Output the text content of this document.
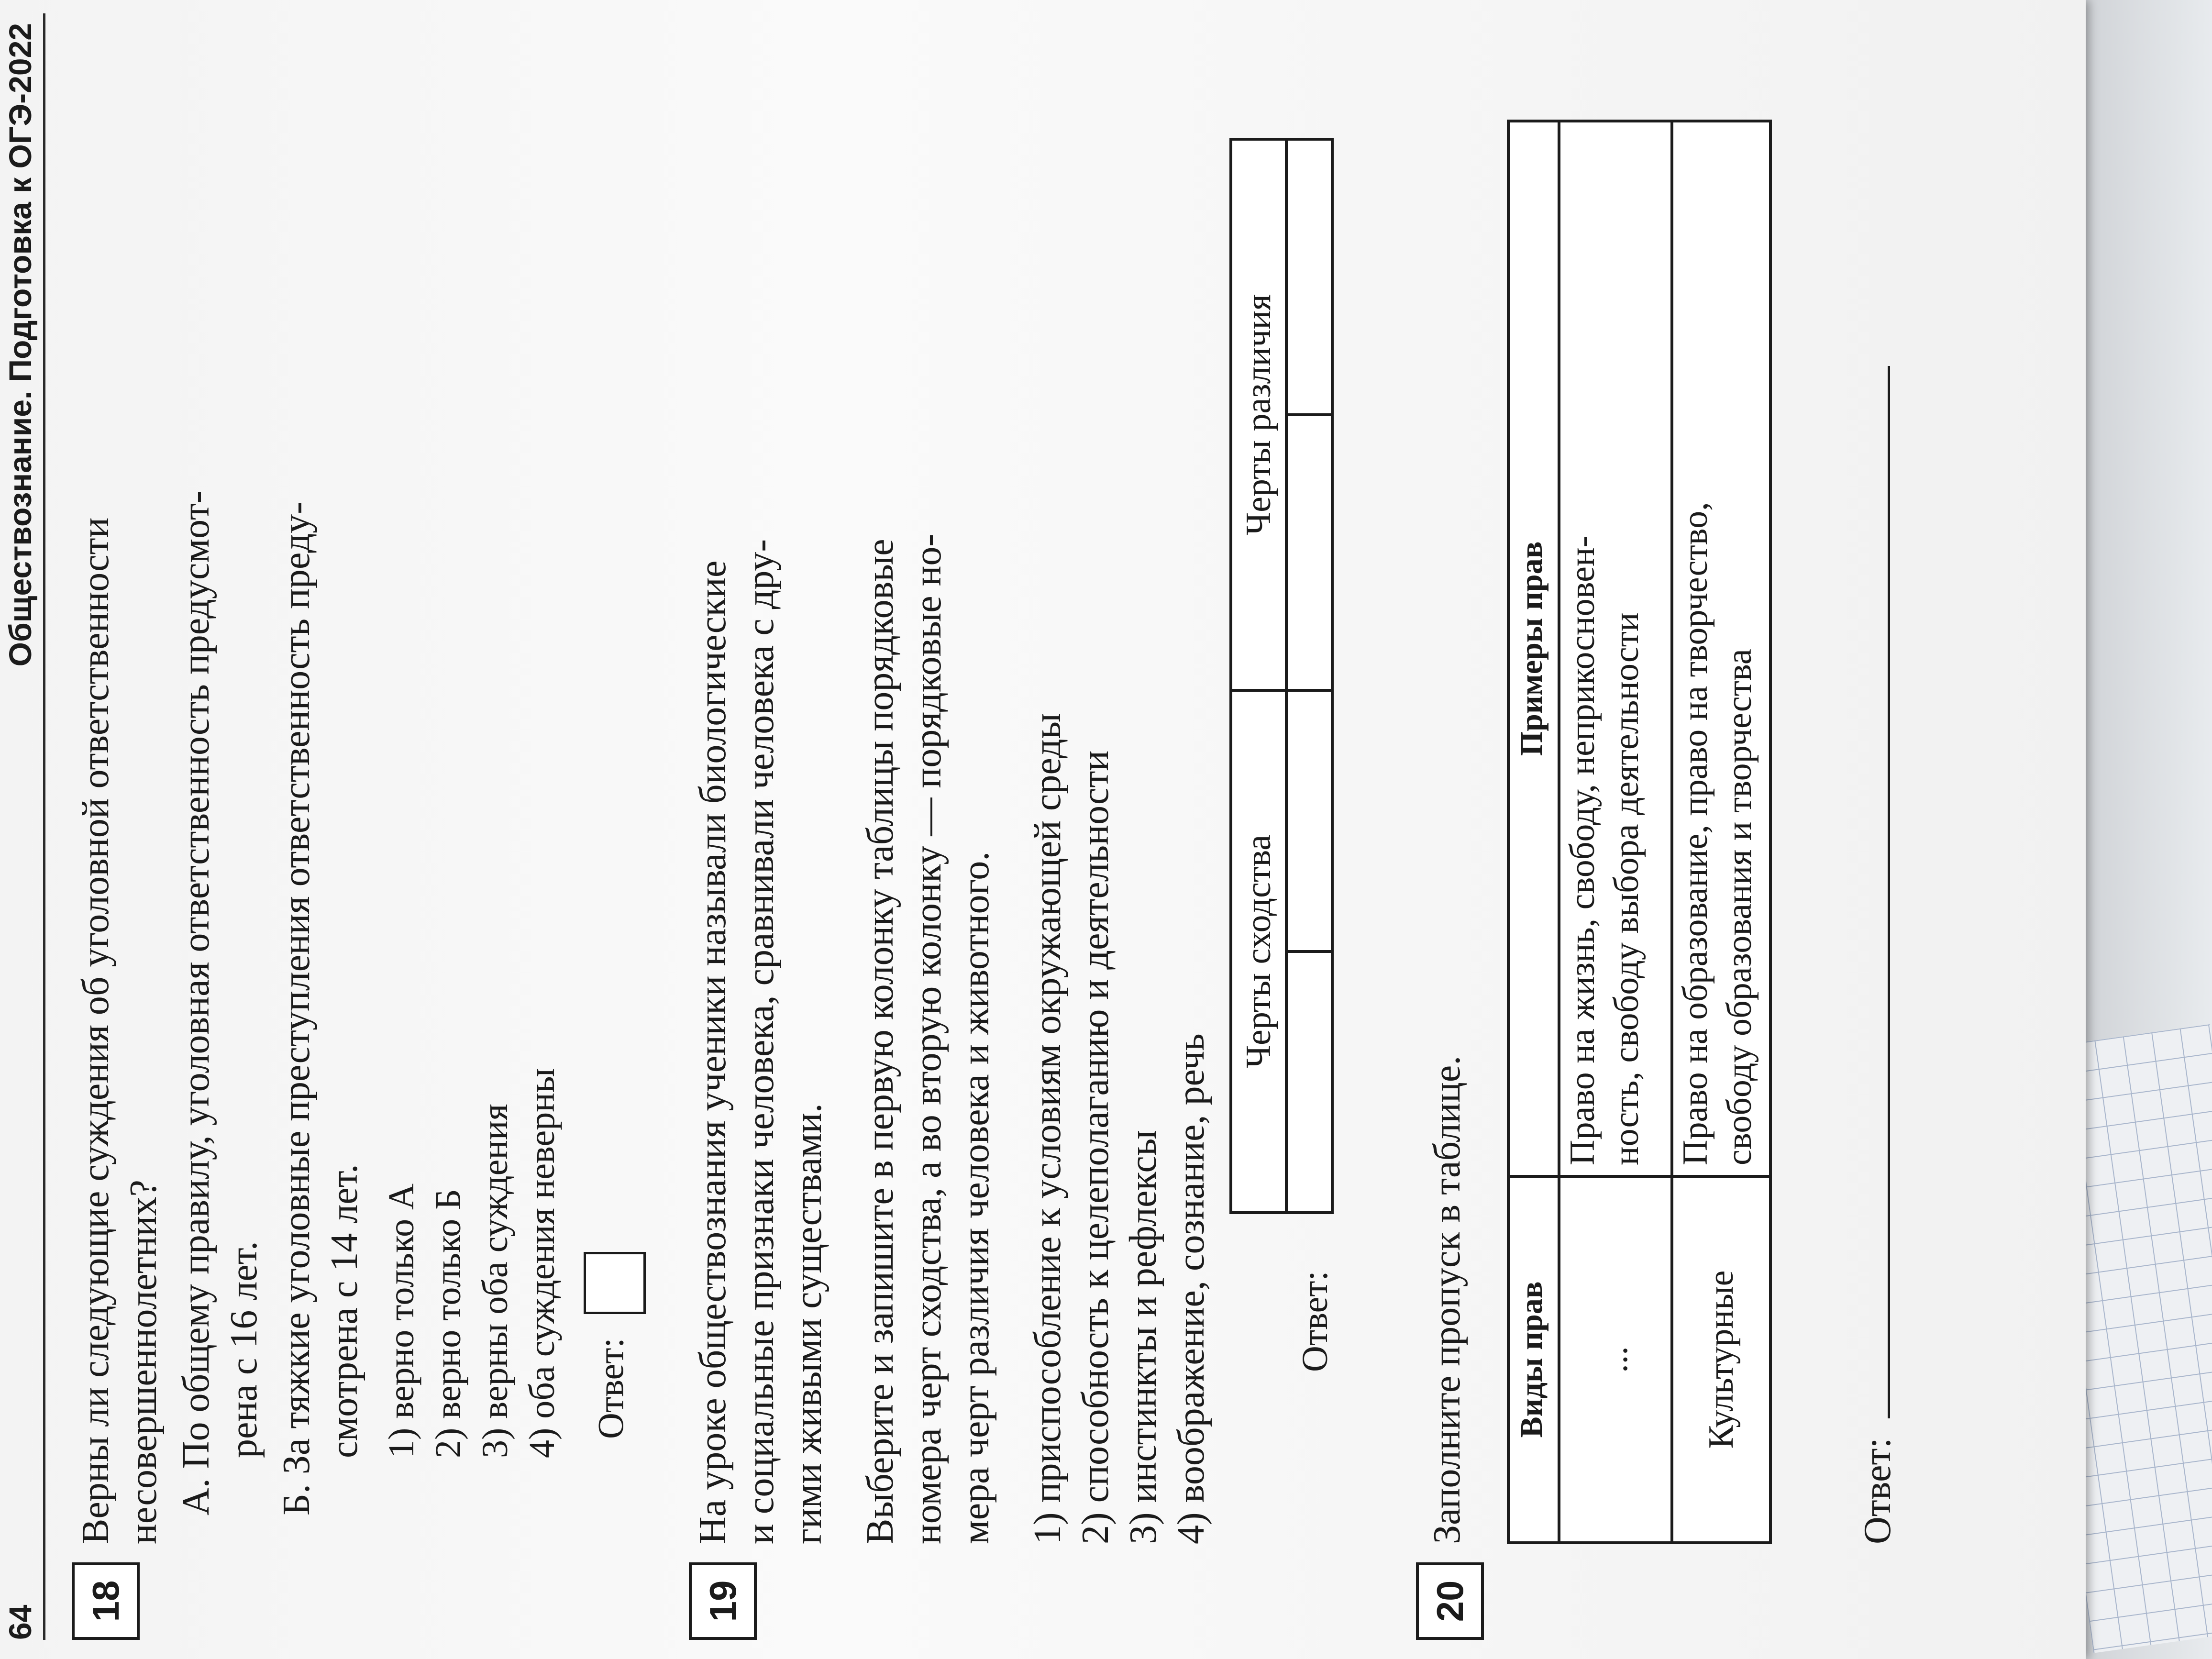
64
Обществознание. Подготовка к ОГЭ-2022
18
Верны ли следующие суждения об уголовной ответственности несовершеннолетних? А. По общему правилу, уголовная ответственность предусмот- рена с 16 лет. Б. За тяжкие уголовные преступления ответственность преду- смотрена с 14 лет. 1) верно только А 2) верно только Б 3) верны оба суждения 4) оба суждения неверны Ответ:
19
На уроке обществознания ученики называли биологические и социальные признаки человека, сравнивали человека с дру- гими живыми существами. Выберите и запишите в первую колонку таблицы порядковые номера черт сходства, а во вторую колонку — порядковые но- мера черт различия человека и животного. 1) приспособление к условиям окружающей среды 2) способность к целеполаганию и деятельности 3) инстинкты и рефлексы 4) воображение, сознание, речь Ответ:
Черты сходства		Черты различия	

20
Заполните пропуск в таблице. Виды прав	Примеры прав
...	Право на жизнь, свободу, неприкосновен- ность, свободу выбора деятельности

Культурные	Право на образование, право на творчество, свободу образования и творчества
Ответ:
